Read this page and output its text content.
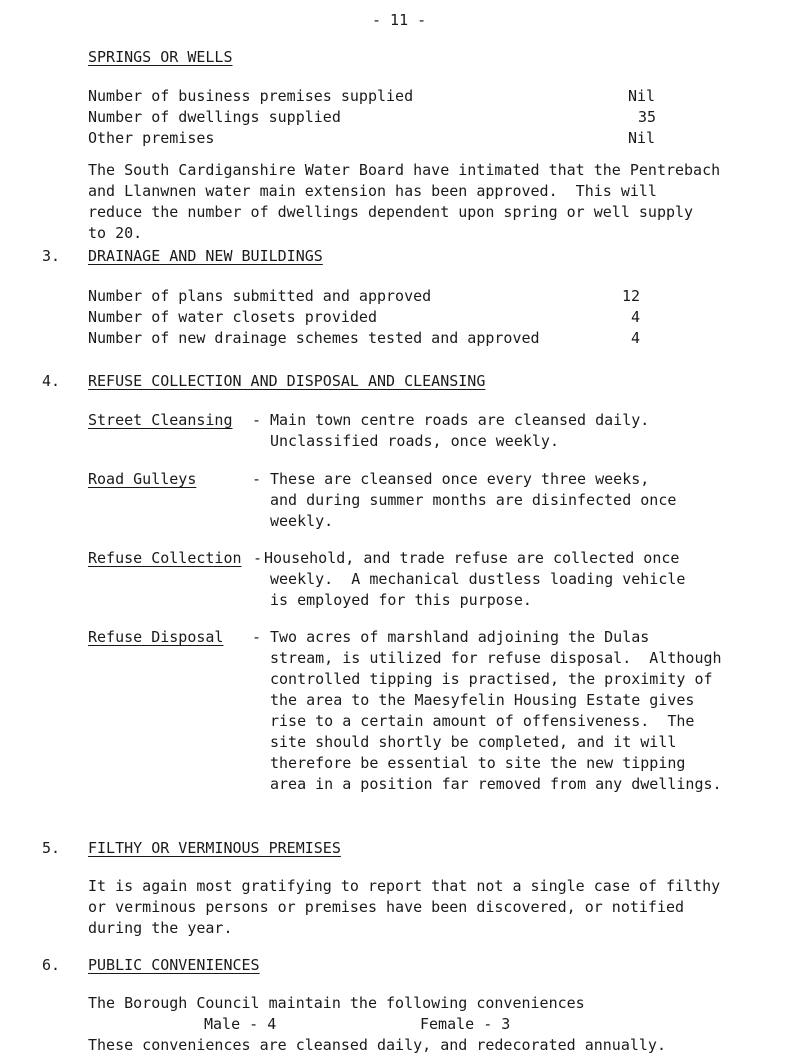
- 11 -
SPRINGS OR WELLS
Number of business premises supplied	Nil
Number of dwellings supplied	35
Other premises	Nil
The South Cardiganshire Water Board have intimated that the Pentrebach
and Llanwnen water main extension has been approved.  This will
reduce the number of dwellings dependent upon spring or well supply
to 20.
3. DRAINAGE AND NEW BUILDINGS
Number of plans submitted and approved	12
Number of water closets provided	4
Number of new drainage schemes tested and approved	4
4. REFUSE COLLECTION AND DISPOSAL AND CLEANSING
Street Cleansing - Main town centre roads are cleansed daily.
Unclassified roads, once weekly.
Road Gulleys	- These are cleansed once every three weeks,
and during summer months are disinfected once
weekly.
Refuse Collection - Household, and trade refuse are collected once
weekly.  A mechanical dustless loading vehicle
is employed for this purpose.
Refuse Disposal - Two acres of marshland adjoining the Dulas
stream, is utilized for refuse disposal.  Although
controlled tipping is practised, the proximity of
the area to the Maesyfelin Housing Estate gives
rise to a certain amount of offensiveness.  The
site should shortly be completed, and it will
therefore be essential to site the new tipping
area in a position far removed from any dwellings.
5. FILTHY OR VERMINOUS PREMISES
It is again most gratifying to report that not a single case of filthy
or verminous persons or premises have been discovered, or notified
during the year.
6. PUBLIC CONVENIENCES
The Borough Council maintain the following conveniences
Male - 4	Female - 3
These conveniences are cleansed daily, and redecorated annually.
